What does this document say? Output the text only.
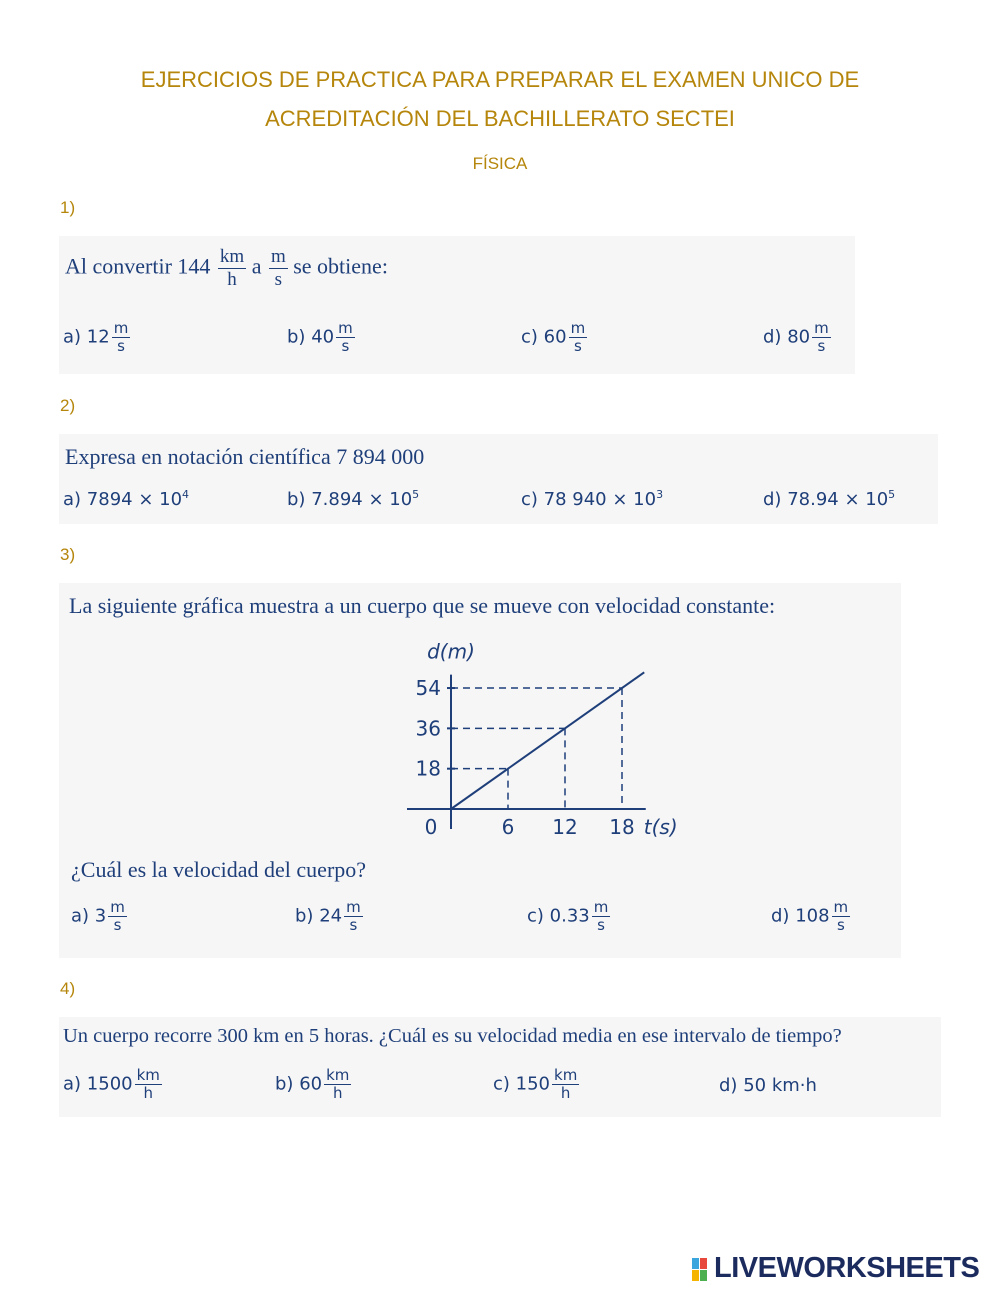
EJERCICIOS DE PRACTICA PARA PREPARAR EL EXAMEN UNICO DE
ACREDITACIÓN DEL BACHILLERATO SECTEI
FÍSICA
1)
Al convertir $144 \frac{km}{h}$ a $\frac{m}{s}$ se obtiene:
a) $12 \frac{m}{s}$	b) $40 \frac{m}{s}$	c) $60 \frac{m}{s}$	d) $80 \frac{m}{s}$
2)
Expresa en notación científica 7 894 000
a) $7894 \times 10^4$	b) $7.894 \times 10^5$	c) 78 $940 \times 10^3$	d) $78.94 \times 10^5$
3)
La siguiente gráfica muestra a un cuerpo que se mueve con velocidad constante:
0	6 12 18
18
36
54
t(s)
d(m)
¿Cuál es la velocidad del cuerpo?
a) $3 \frac{m}{s}$	b) $24 \frac{m}{s}$	c) $0.33 \frac{m}{s}$	d) $108 \frac{m}{s}$
4)
Un cuerpo recorre 300 km en 5 horas. ¿Cuál es su velocidad media en ese intervalo de tiempo?
a) $1500 \frac{km}{h}$	b) $60 \frac{km}{h}$	c) $150 \frac{km}{h}$	d) 50 km·h
LIVEWORKSHEETS
